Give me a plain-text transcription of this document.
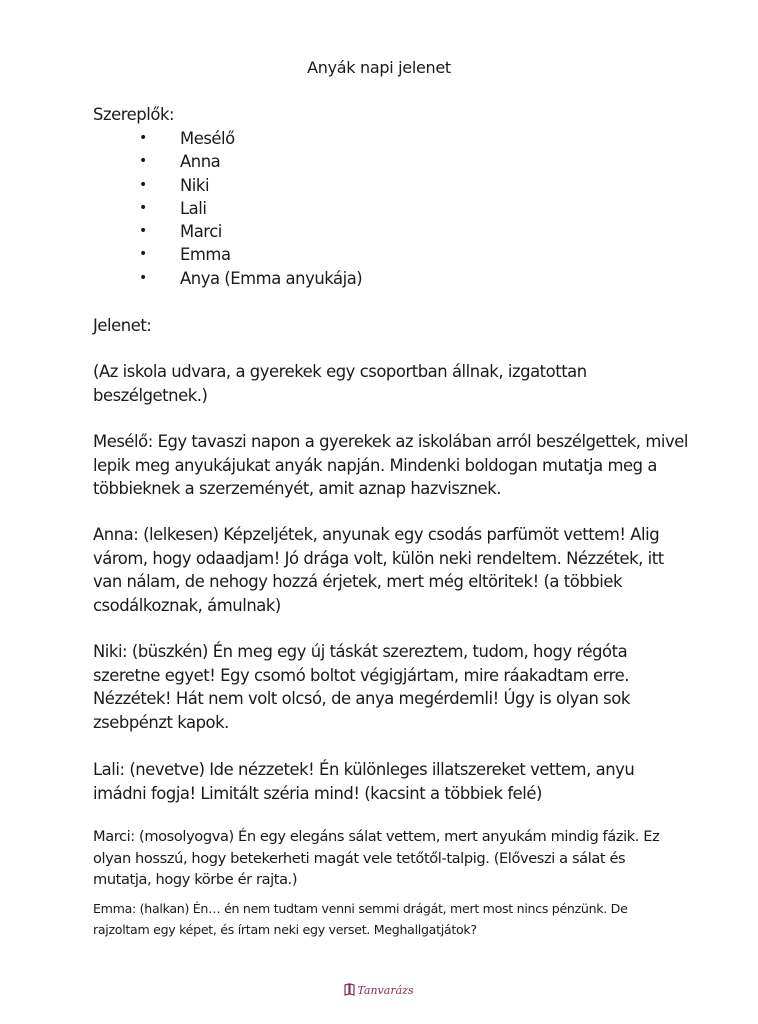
Anyák napi jelenet

Szereplők:

• Mesélő
• Anna
• Niki
• Lali
• Marci
• Emma
• Anya (Emma anyukája)

Jelenet:

(Az iskola udvara, a gyerekek egy csoportban állnak, izgatottan beszélgetnek.)

Mesélő: Egy tavaszi napon a gyerekek az iskolában arról beszélgettek, mivel lepik meg anyukájukat anyák napján. Mindenki boldogan mutatja meg a többieknek a szerzeményét, amit aznap hazvisznek.

Anna: (lelkesen) Képzeljétek, anyunak egy csodás parfümöt vettem! Alig várom, hogy odaadjam! Jó drága volt, külön neki rendeltem. Nézzétek, itt van nálam, de nehogy hozzá érjetek, mert még eltöritek! (a többiek csodálkoznak, ámulnak)

Niki: (büszkén) Én meg egy új táskát szereztem, tudom, hogy régóta szeretne egyet! Egy csomó boltot végigjártam, mire ráakadtam erre. Nézzétek! Hát nem volt olcsó, de anya megérdemli! Úgy is olyan sok zsebpénzt kapok.

Lali: (nevetve) Ide nézzetek! Én különleges illatszereket vettem, anyu imádni fogja! Limitált széria mind! (kacsint a többiek felé)

Marci: (mosolyogva) Én egy elegáns sálat vettem, mert anyukám mindig fázik. Ez olyan hosszú, hogy betekerheti magát vele tetőtől-talpig. (Előveszi a sálat és mutatja, hogy körbe ér rajta.)

Emma: (halkan) Én… én nem tudtam venni semmi drágát, mert most nincs pénzünk. De rajzoltam egy képet, és írtam neki egy verset. Meghallgatjátok?

Tanvarázs
